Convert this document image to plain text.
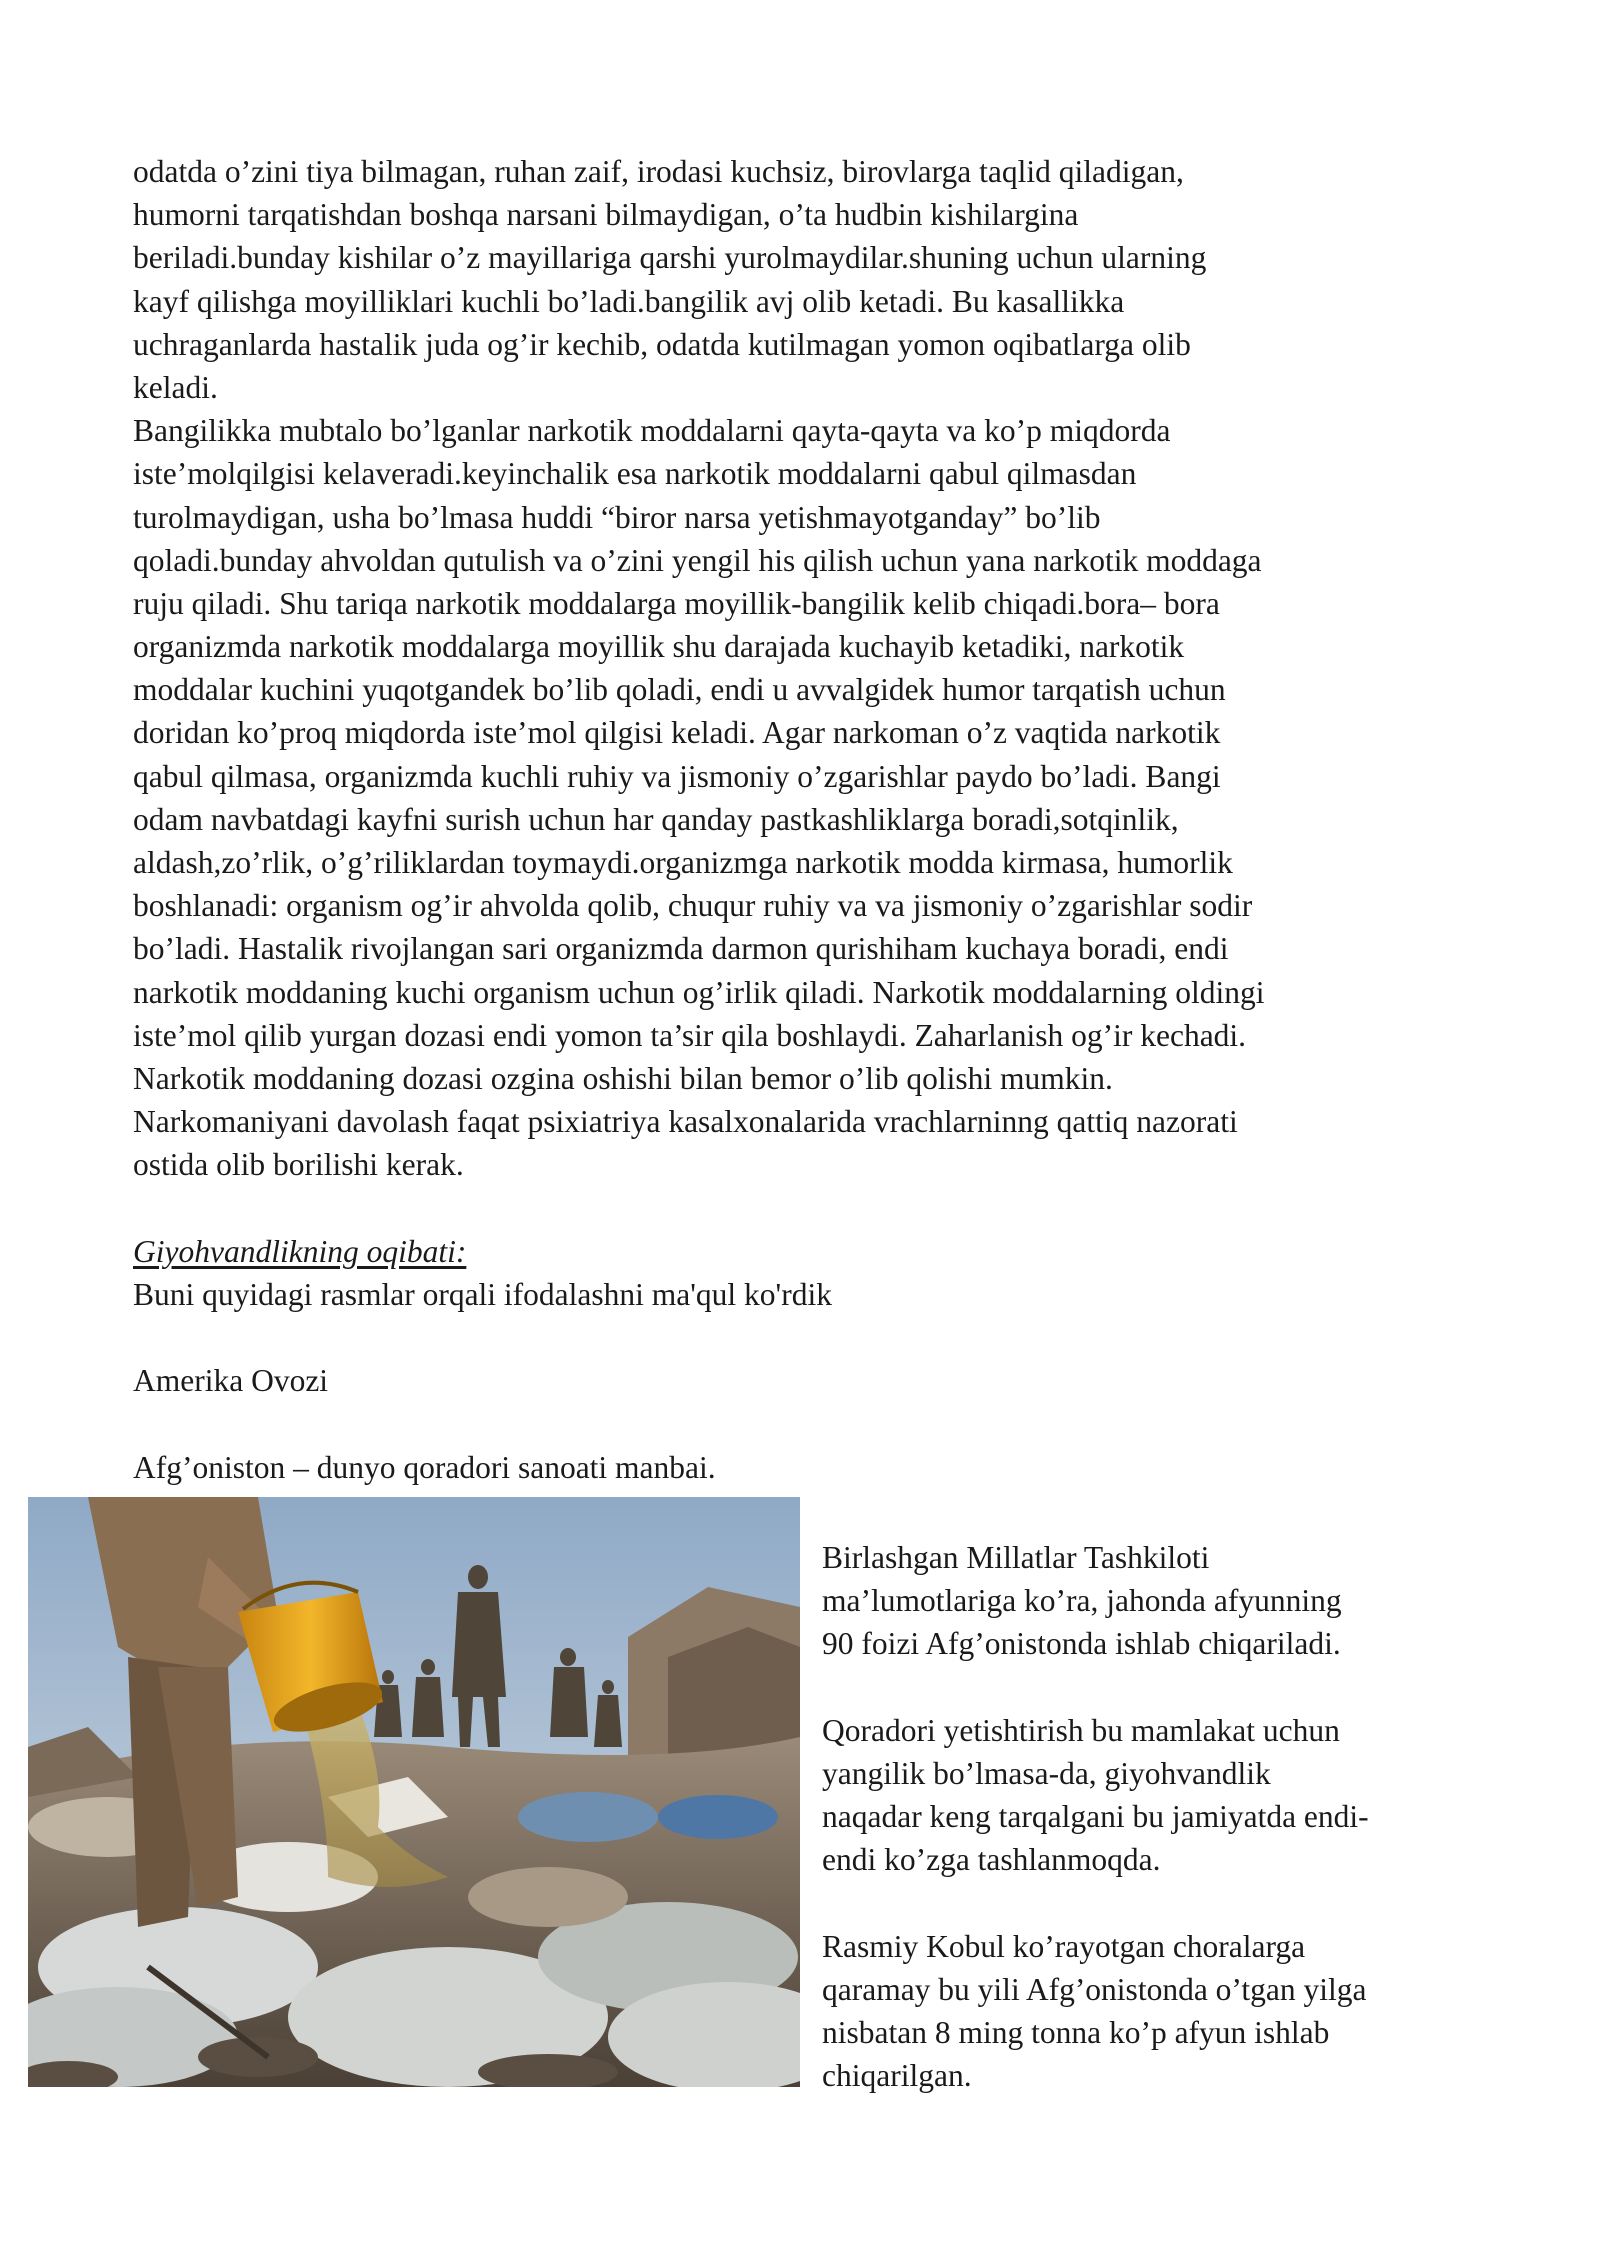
odatda o’zini tiya bilmagan, ruhan zaif, irodasi kuchsiz, birovlarga taqlid qiladigan,
humorni tarqatishdan boshqa narsani bilmaydigan, o’ta hudbin kishilargina
beriladi.bunday kishilar o’z mayillariga qarshi yurolmaydilar.shuning uchun ularning
kayf qilishga moyilliklari kuchli bo’ladi.bangilik avj olib ketadi. Bu kasallikka
uchraganlarda hastalik juda og’ir kechib, odatda kutilmagan yomon oqibatlarga olib
keladi.
Bangilikka mubtalo bo’lganlar narkotik moddalarni qayta-qayta va ko’p miqdorda
iste’molqilgisi kelaveradi.keyinchalik esa narkotik moddalarni qabul qilmasdan
turolmaydigan, usha bo’lmasa huddi “biror narsa yetishmayotganday” bo’lib
qoladi.bunday ahvoldan qutulish va o’zini yengil his qilish uchun yana narkotik moddaga
ruju qiladi. Shu tariqa narkotik moddalarga moyillik-bangilik kelib chiqadi.bora– bora
organizmda narkotik moddalarga moyillik shu darajada kuchayib ketadiki, narkotik
moddalar kuchini yuqotgandek bo’lib qoladi, endi u avvalgidek humor tarqatish uchun
doridan ko’proq miqdorda iste’mol qilgisi keladi. Agar narkoman o’z vaqtida narkotik
qabul qilmasa, organizmda kuchli ruhiy va jismoniy o’zgarishlar paydo bo’ladi. Bangi
odam navbatdagi kayfni surish uchun har qanday pastkashliklarga boradi,sotqinlik,
aldash,zo’rlik, o’g’riliklardan toymaydi.organizmga narkotik modda kirmasa, humorlik
boshlanadi: organism og’ir ahvolda qolib, chuqur ruhiy va va jismoniy o’zgarishlar sodir
bo’ladi. Hastalik rivojlangan sari organizmda darmon qurishiham kuchaya boradi, endi
narkotik moddaning kuchi organism uchun og’irlik qiladi. Narkotik moddalarning oldingi
iste’mol qilib yurgan dozasi endi yomon ta’sir qila boshlaydi. Zaharlanish og’ir kechadi.
Narkotik moddaning dozasi ozgina oshishi bilan bemor o’lib qolishi mumkin.
Narkomaniyani davolash faqat psixiatriya kasalxonalarida vrachlarninng qattiq nazorati
ostida olib borilishi kerak.
Giyohvandlikning oqibati:
Buni quyidagi rasmlar orqali ifodalashni ma'qul ko'rdik
Amerika Ovozi
Afg’oniston – dunyo qoradori sanoati manbai.
Birlashgan Millatlar Tashkiloti
ma’lumotlariga ko’ra, jahonda afyunning
90 foizi Afg’onistonda ishlab chiqariladi.
Qoradori yetishtirish bu mamlakat uchun
yangilik bo’lmasa-da, giyohvandlik
naqadar keng tarqalgani bu jamiyatda endi-
endi ko’zga tashlanmoqda.
Rasmiy Kobul ko’rayotgan choralarga
qaramay bu yili Afg’onistonda o’tgan yilga
nisbatan 8 ming tonna ko’p afyun ishlab
chiqarilgan.
